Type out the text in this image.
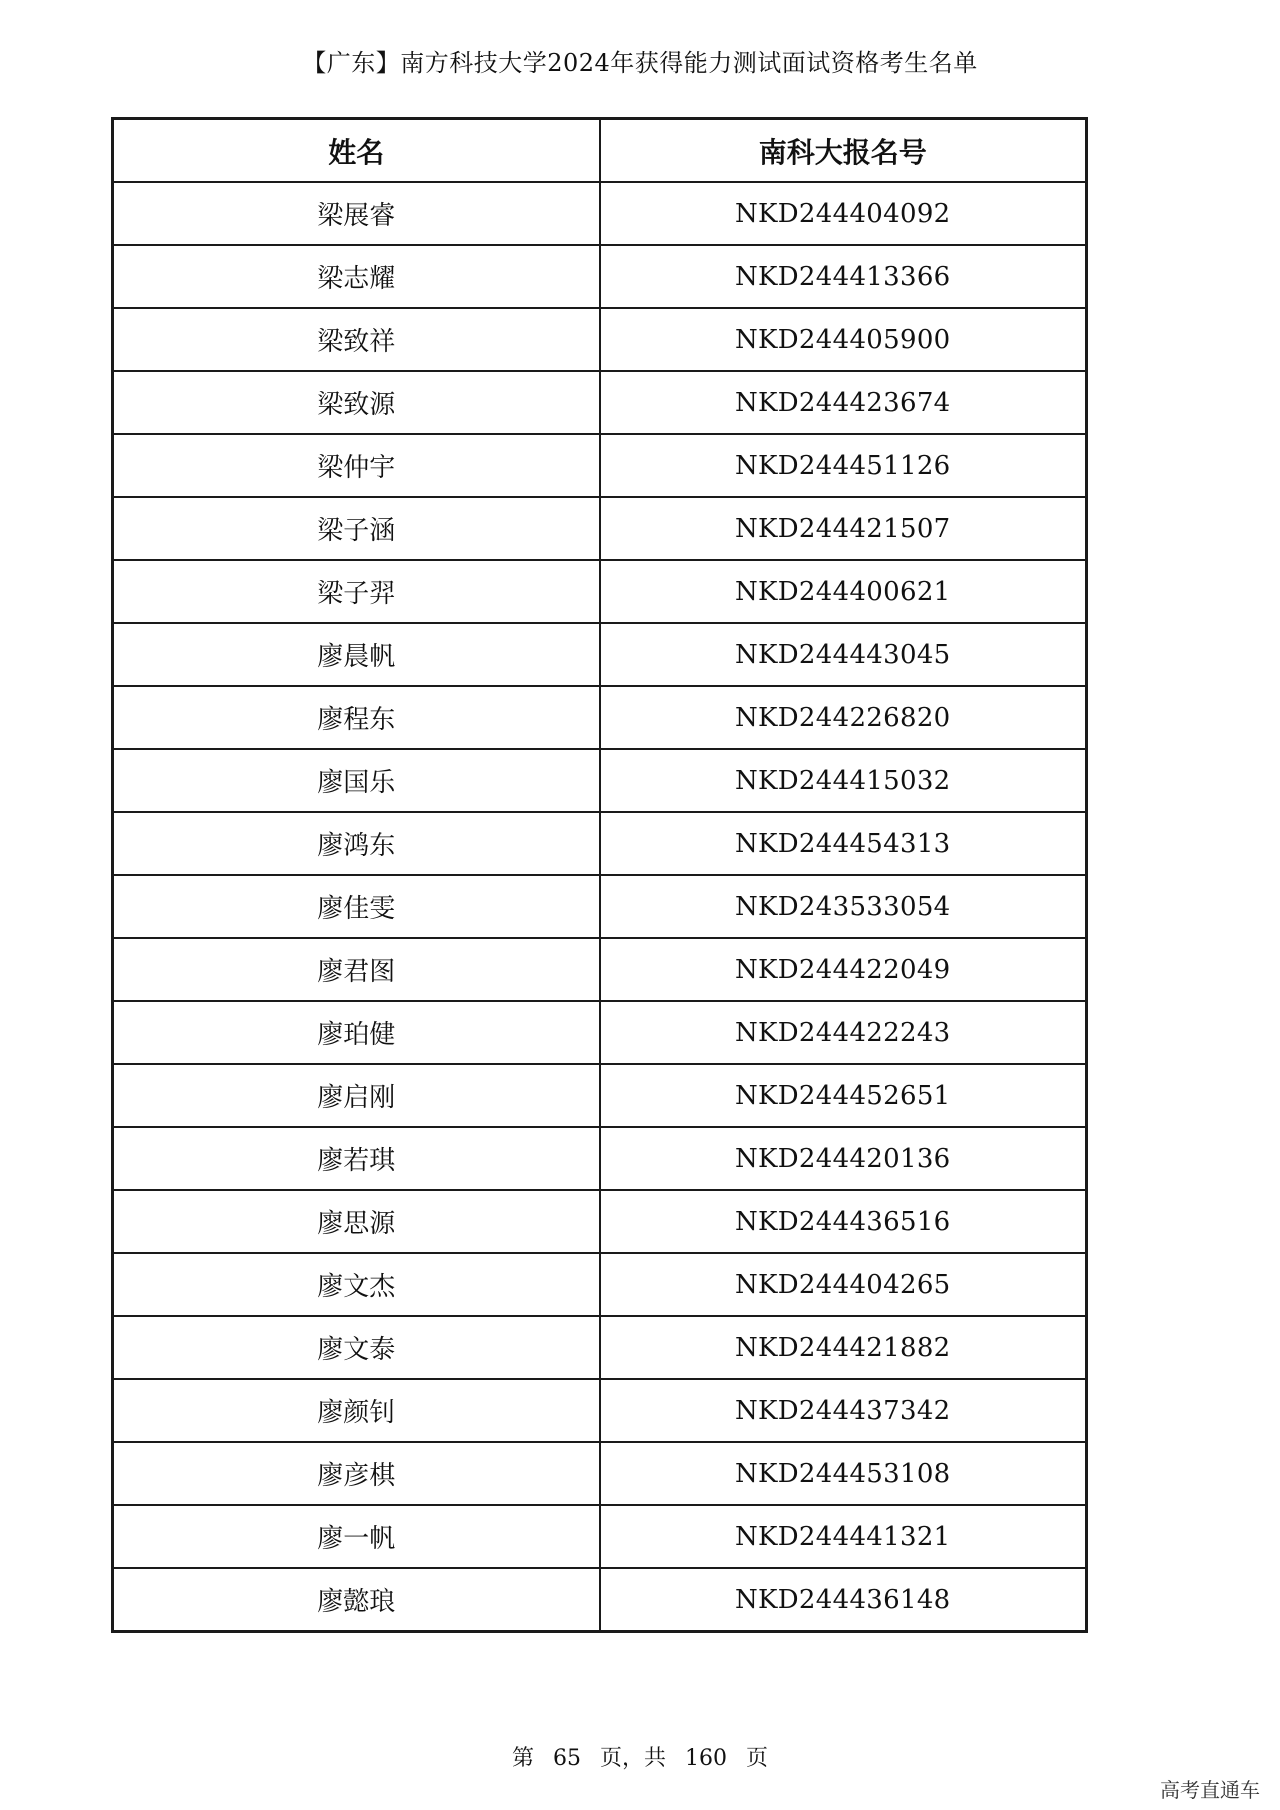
【广东】南方科技大学2024年获得能力测试面试资格考生名单
姓名	南科大报名号
梁展睿	NKD244404092
梁志耀	NKD244413366
梁致祥	NKD244405900
梁致源	NKD244423674
梁仲宇	NKD244451126
梁子涵	NKD244421507
梁子羿	NKD244400621
廖晨帆	NKD244443045
廖程东	NKD244226820
廖国乐	NKD244415032
廖鸿东	NKD244454313
廖佳雯	NKD243533054
廖君图	NKD244422049
廖珀健	NKD244422243
廖启刚	NKD244452651
廖若琪	NKD244420136
廖思源	NKD244436516
廖文杰	NKD244404265
廖文泰	NKD244421882
廖颜钊	NKD244437342
廖彦棋	NKD244453108
廖一帆	NKD244441321
廖懿琅	NKD244436148
第 65 页，共 160 页
高考直通车
